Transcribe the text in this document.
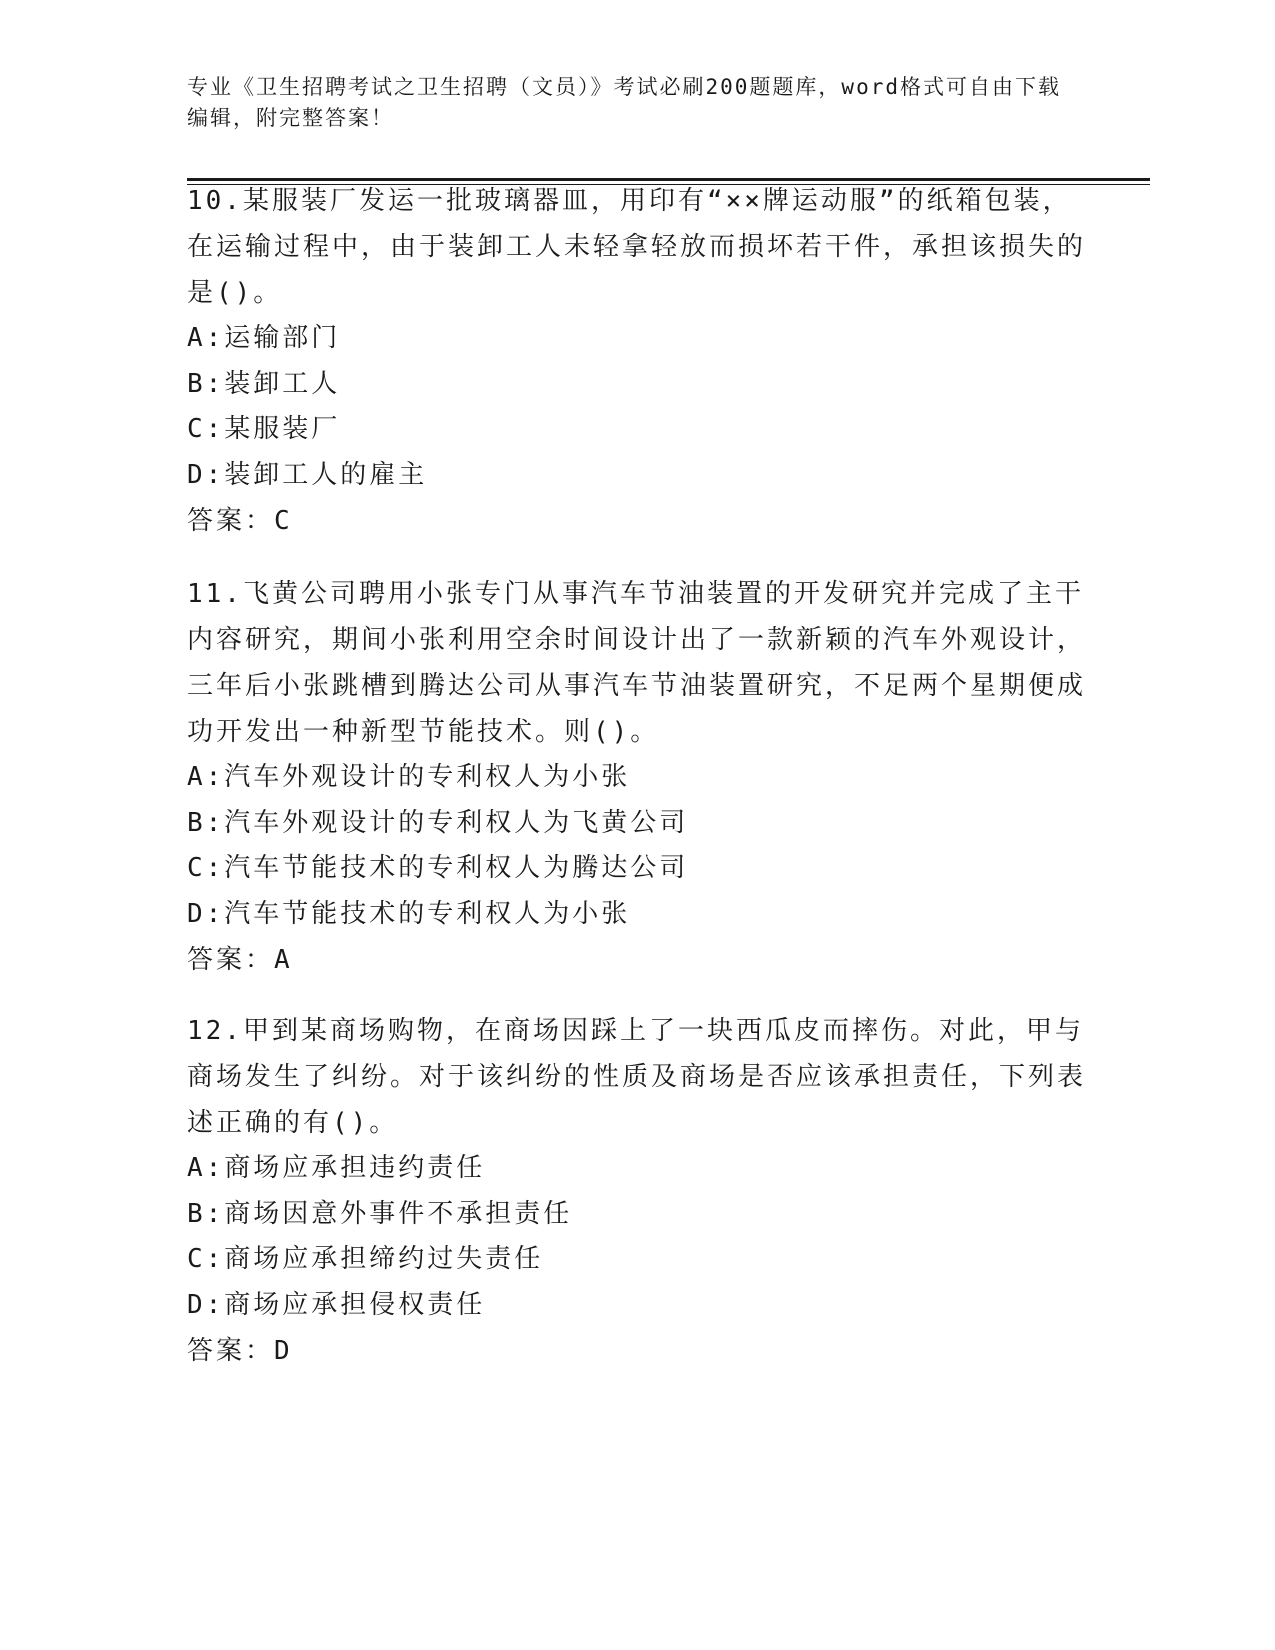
专业《卫生招聘考试之卫生招聘（文员）》考试必刷200题题库，word格式可自由下载编辑，附完整答案！

10.某服装厂发运一批玻璃器皿，用印有“××牌运动服”的纸箱包装，在运输过程中，由于装卸工人未轻拿轻放而损坏若干件，承担该损失的是()。

A:运输部门

B:装卸工人

C:某服装厂

D:装卸工人的雇主

答案：C

11.飞黄公司聘用小张专门从事汽车节油装置的开发研究并完成了主干内容研究，期间小张利用空余时间设计出了一款新颖的汽车外观设计，三年后小张跳槽到腾达公司从事汽车节油装置研究，不足两个星期便成功开发出一种新型节能技术。则()。

A:汽车外观设计的专利权人为小张

B:汽车外观设计的专利权人为飞黄公司

C:汽车节能技术的专利权人为腾达公司

D:汽车节能技术的专利权人为小张

答案：A

12.甲到某商场购物，在商场因踩上了一块西瓜皮而摔伤。对此，甲与商场发生了纠纷。对于该纠纷的性质及商场是否应该承担责任，下列表述正确的有()。

A:商场应承担违约责任

B:商场因意外事件不承担责任

C:商场应承担缔约过失责任

D:商场应承担侵权责任

答案：D
